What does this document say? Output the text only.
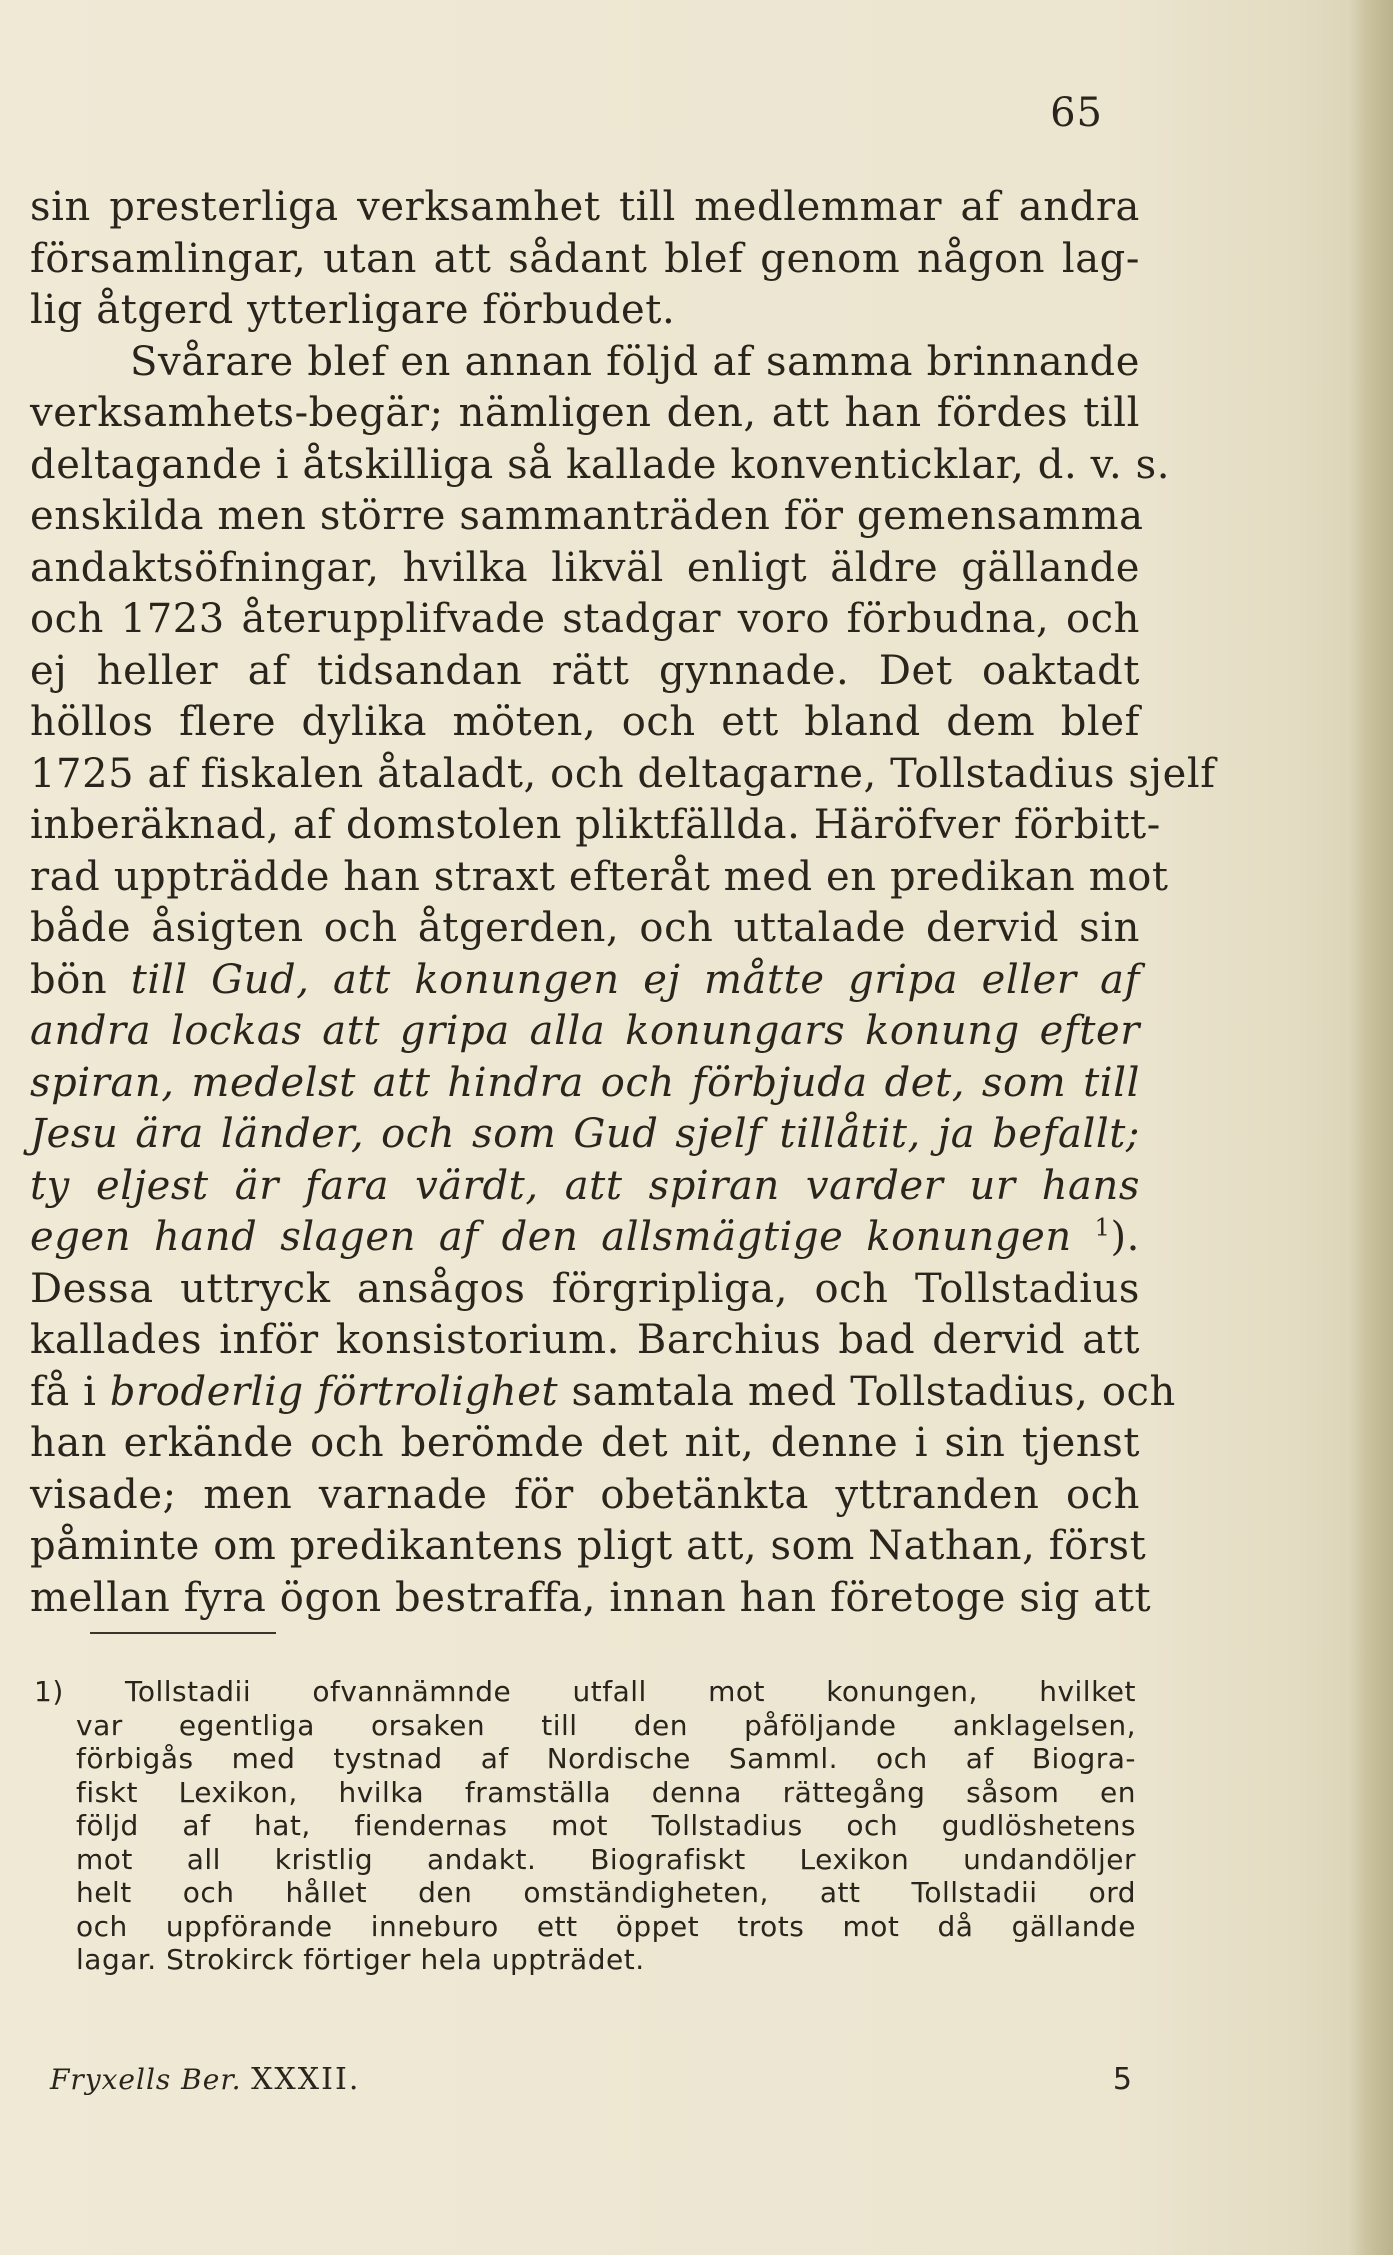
65
sin presterliga verksamhet till medlemmar af andra
församlingar, utan att sådant blef genom någon lag-
lig åtgerd ytterligare förbudet.
Svårare blef en annan följd af samma brinnande
verksamhets-begär; nämligen den, att han fördes till
deltagande i åtskilliga så kallade konventicklar, d. v. s.
enskilda men större sammanträden för gemensamma
andaktsöfningar, hvilka likväl enligt äldre gällande
och 1723 återupplifvade stadgar voro förbudna, och
ej heller af tidsandan rätt gynnade. Det oaktadt
höllos flere dylika möten, och ett bland dem blef
1725 af fiskalen åtaladt, och deltagarne, Tollstadius sjelf
inberäknad, af domstolen pliktfällda. Häröfver förbitt-
rad uppträdde han straxt efteråt med en predikan mot
både åsigten och åtgerden, och uttalade dervid sin
bön till Gud, att konungen ej måtte gripa eller af
andra lockas att gripa alla konungars konung efter
spiran, medelst att hindra och förbjuda det, som till
Jesu ära länder, och som Gud sjelf tillåtit, ja befallt;
ty eljest är fara värdt, att spiran varder ur hans
egen hand slagen af den allsmägtige konungen $^1$).
Dessa uttryck ansågos förgripliga, och Tollstadius
kallades inför konsistorium. Barchius bad dervid att
få i broderlig förtrolighet samtala med Tollstadius, och
han erkände och berömde det nit, denne i sin tjenst
visade; men varnade för obetänkta yttranden och
påminte om predikantens pligt att, som Nathan, först
mellan fyra ögon bestraffa, innan han företoge sig att
1) Tollstadii ofvannämnde utfall mot konungen, hvilket
var egentliga orsaken till den påföljande anklagelsen,
förbigås med tystnad af Nordische Samml. och af Biogra-
fiskt Lexikon, hvilka framställa denna rättegång såsom en
följd af hat, fiendernas mot Tollstadius och gudlöshetens
mot all kristlig andakt. Biografiskt Lexikon undandöljer
helt och hållet den omständigheten, att Tollstadii ord
och uppförande inneburo ett öppet trots mot då gällande
lagar. Strokirck förtiger hela uppträdet.
Fryxells Ber. XXXII.	5
